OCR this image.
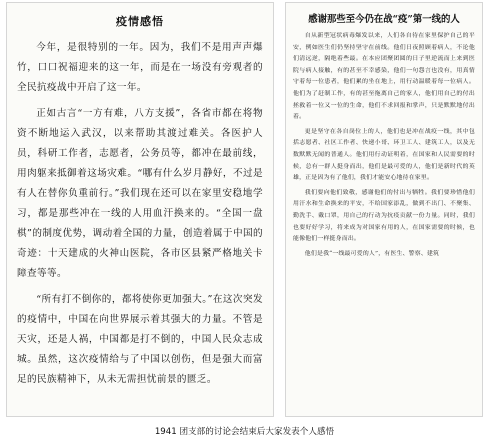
疫情感悟

今年，是很特别的一年。因为，我们不是用声声爆竹，口口祝福迎来的这一年，而是在一场没有旁观者的全民抗疫战中开启了这一年。

正如古言“一方有难，八方支援”，各省市都在将物资不断地运入武汉，以来帮助其渡过难关。各医护人员，科研工作者，志愿者，公务员等，都冲在最前线，用肉躯来抵御着这场灾难。“哪有什么岁月静好，不过是有人在替你负重前行。”我们现在还可以在家里安稳地学习，都是那些冲在一线的人用血汗换来的。“全国一盘棋”的制度优势，调动着全国的力量，创造着属于中国的奇迹：十天建成的火神山医院，各市区县紧严格地关卡障查等等。

“所有打不倒你的，都将使你更加强大。”在这次突发的疫情中，中国在向世界展示着其强大的力量。不管是天灾，还是人祸，中国都是打不倒的，中国人民众志成城。虽然，这次疫情给与了中国以创伤，但是强大而富足的民族精神下，从未无需担忧前景的匮乏。

感谢那些至今仍在战“疫”第一线的人

自从新型冠状病毒爆发以来，人们各自待在家里保护自己的平安，例如医生们仍坚持坚守在前线。他们日夜照顾着病人，不论他们清远逆，隔绝着些最。在本应团聚团圆的日子里逆流而上来到医院与病人接触，有的甚至不幸感染，他们一句怨言也没有，用真情守着每一位患者，他们累的坐在地上，用行动温暖着每一位病人。他们为了赶制工作，有的甚至拖离自己的家人，他们用自己的付出拯救着一位又一位的生命，他们不求回报和掌声，只是默默地付出着。

更是坚守在各自岗位上的人，他们也是冲在战疫一线，其中包括志愿者、社区工作者、快递小哥、环卫工人、建筑工人，以及无数默默无闻的普通人。他们用行动证明着，在国家和人民需要的时候，总有一群人挺身而出，他们是最可爱的人，他们是新时代的英雄，正是因为有了他们，我们才能安心地待在家里。

我们要向他们致敬，感谢他们的付出与牺牲。我们要珍惜他们用汗水和生命换来的平安，不给国家添乱，做到不出门、不聚集、勤洗手、戴口罩，用自己的行动为抗疫贡献一份力量。同时，我们也要好好学习，将来成为对国家有用的人，在国家需要的时候，也能像他们一样挺身而出。

他们是我“一线最可爱的人”，有医生、警察、建筑

1941 团支部的讨论会结束后大家发表个人感悟
